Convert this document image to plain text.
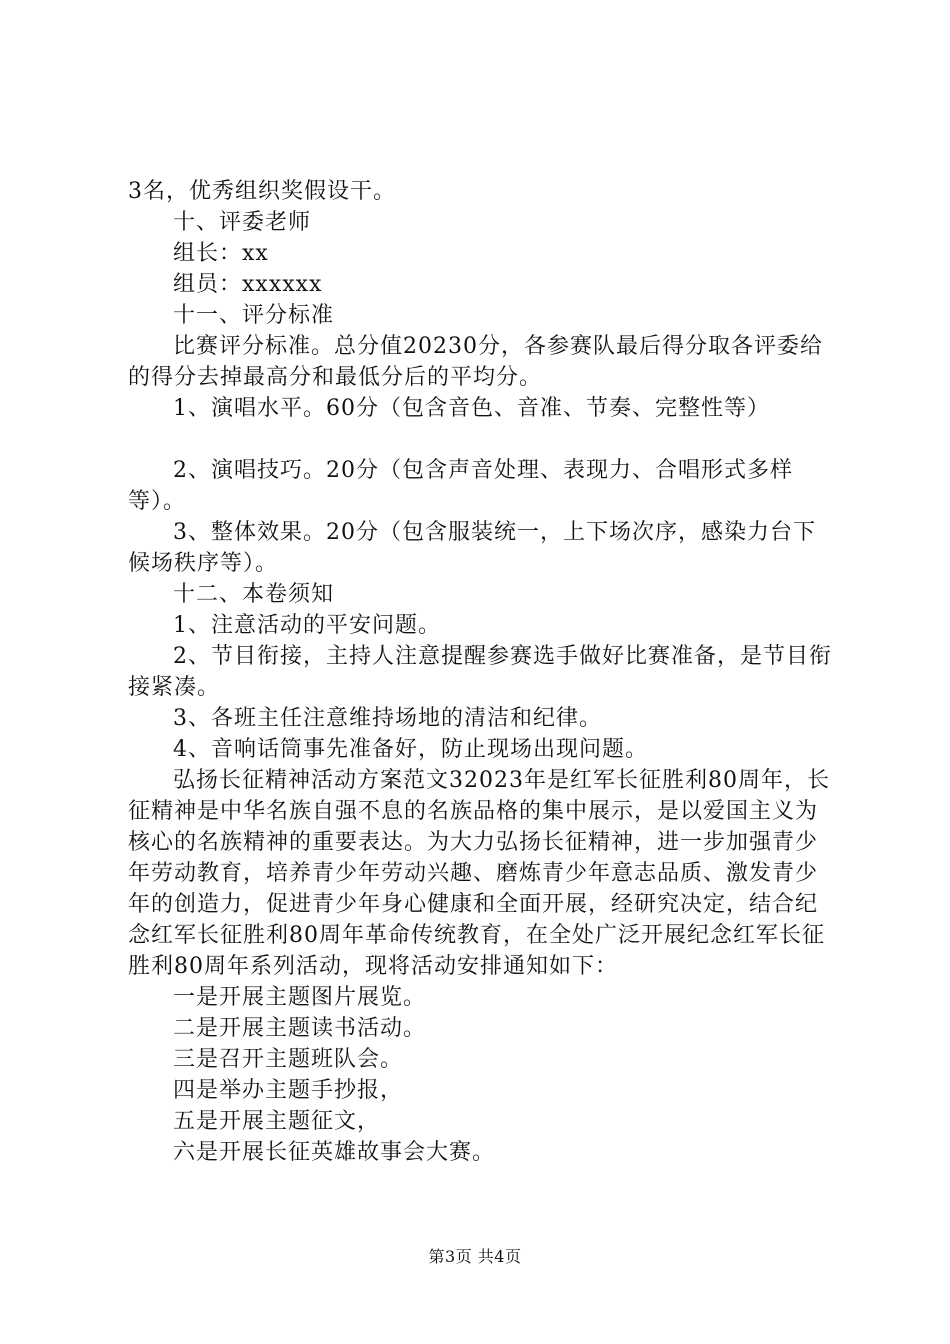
3名，优秀组织奖假设干。

十、评委老师

组长：xx

组员：xxxxxx

十一、评分标准

比赛评分标准。总分值20230分，各参赛队最后得分取各评委给的得分去掉最高分和最低分后的平均分。

1、演唱水平。60分（包含音色、音准、节奏、完整性等）

2、演唱技巧。20分（包含声音处理、表现力、合唱形式多样等）。

3、整体效果。20分（包含服装统一，上下场次序，感染力台下候场秩序等）。

十二、本卷须知

1、注意活动的平安问题。

2、节目衔接，主持人注意提醒参赛选手做好比赛准备，是节目衔接紧凑。

3、各班主任注意维持场地的清洁和纪律。

4、音响话筒事先准备好，防止现场出现问题。

弘扬长征精神活动方案范文32023年是红军长征胜利80周年，长征精神是中华名族自强不息的名族品格的集中展示，是以爱国主义为核心的名族精神的重要表达。为大力弘扬长征精神，进一步加强青少年劳动教育，培养青少年劳动兴趣、磨炼青少年意志品质、激发青少年的创造力，促进青少年身心健康和全面开展，经研究决定，结合纪念红军长征胜利80周年革命传统教育，在全处广泛开展纪念红军长征胜利80周年系列活动，现将活动安排通知如下：

一是开展主题图片展览。

二是开展主题读书活动。

三是召开主题班队会。

四是举办主题手抄报，

五是开展主题征文，

六是开展长征英雄故事会大赛。

第3页 共4页
